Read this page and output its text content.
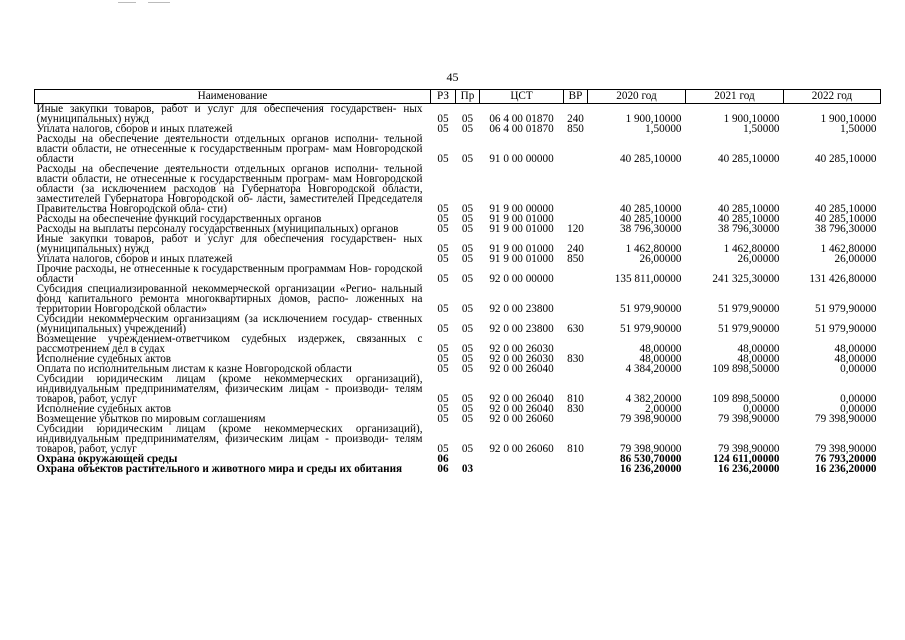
45
Наименование	РЗ	Пр	ЦСТ	ВР	2020 год	2021 год	2022 год
Иные закупки товаров, работ и услуг для обеспечения государствен- ных (муниципальных) нужд	05	05	06 4 00 01870	240	1 900,10000	1 900,10000	1 900,10000
Уплата налогов, сборов и иных платежей	05	05	06 4 00 01870	850	1,50000	1,50000	1,50000
Расходы на обеспечение деятельности отдельных органов исполни- тельной власти области, не отнесенные к государственным програм- мам Новгородской области	05	05	91 0 00 00000		40 285,10000	40 285,10000	40 285,10000
Расходы на обеспечение деятельности отдельных органов исполни- тельной власти области, не отнесенные к государственным програм- мам Новгородской области (за исключением расходов на Губернатора Новгородской области, заместителей Губернатора Новгородской об- ласти, заместителей Председателя Правительства Новгородской обла- сти)	05	05	91 9 00 00000		40 285,10000	40 285,10000	40 285,10000
Расходы на обеспечение функций государственных органов	05	05	91 9 00 01000		40 285,10000	40 285,10000	40 285,10000
Расходы на выплаты персоналу государственных (муниципальных) органов	05	05	91 9 00 01000	120	38 796,30000	38 796,30000	38 796,30000
Иные закупки товаров, работ и услуг для обеспечения государствен- ных (муниципальных) нужд	05	05	91 9 00 01000	240	1 462,80000	1 462,80000	1 462,80000
Уплата налогов, сборов и иных платежей	05	05	91 9 00 01000	850	26,00000	26,00000	26,00000
Прочие расходы, не отнесенные к государственным программам Нов- городской области	05	05	92 0 00 00000		135 811,00000	241 325,30000	131 426,80000
Субсидия специализированной некоммерческой организации «Регио- нальный фонд капитального ремонта многоквартирных домов, распо- ложенных на территории Новгородской области»	05	05	92 0 00 23800		51 979,90000	51 979,90000	51 979,90000
Субсидии некоммерческим организациям (за исключением государ- ственных (муниципальных) учреждений)	05	05	92 0 00 23800	630	51 979,90000	51 979,90000	51 979,90000
Возмещение учреждением-ответчиком судебных издержек, связанных с рассмотрением дел в судах	05	05	92 0 00 26030		48,00000	48,00000	48,00000
Исполнение судебных актов	05	05	92 0 00 26030	830	48,00000	48,00000	48,00000
Оплата по исполнительным листам к казне Новгородской области	05	05	92 0 00 26040		4 384,20000	109 898,50000	0,00000
Субсидии юридическим лицам (кроме некоммерческих организаций), индивидуальным предпринимателям, физическим лицам - производи- телям товаров, работ, услуг	05	05	92 0 00 26040	810	4 382,20000	109 898,50000	0,00000
Исполнение судебных актов	05	05	92 0 00 26040	830	2,00000	0,00000	0,00000
Возмещение убытков по мировым соглашениям	05	05	92 0 00 26060		79 398,90000	79 398,90000	79 398,90000
Субсидии юридическим лицам (кроме некоммерческих организаций), индивидуальным предпринимателям, физическим лицам - производи- телям товаров, работ, услуг	05	05	92 0 00 26060	810	79 398,90000	79 398,90000	79 398,90000
Охрана окружающей среды	06				86 530,70000	124 611,00000	76 793,20000
Охрана объектов растительного и животного мира и среды их обитания	06	03			16 236,20000	16 236,20000	16 236,20000
